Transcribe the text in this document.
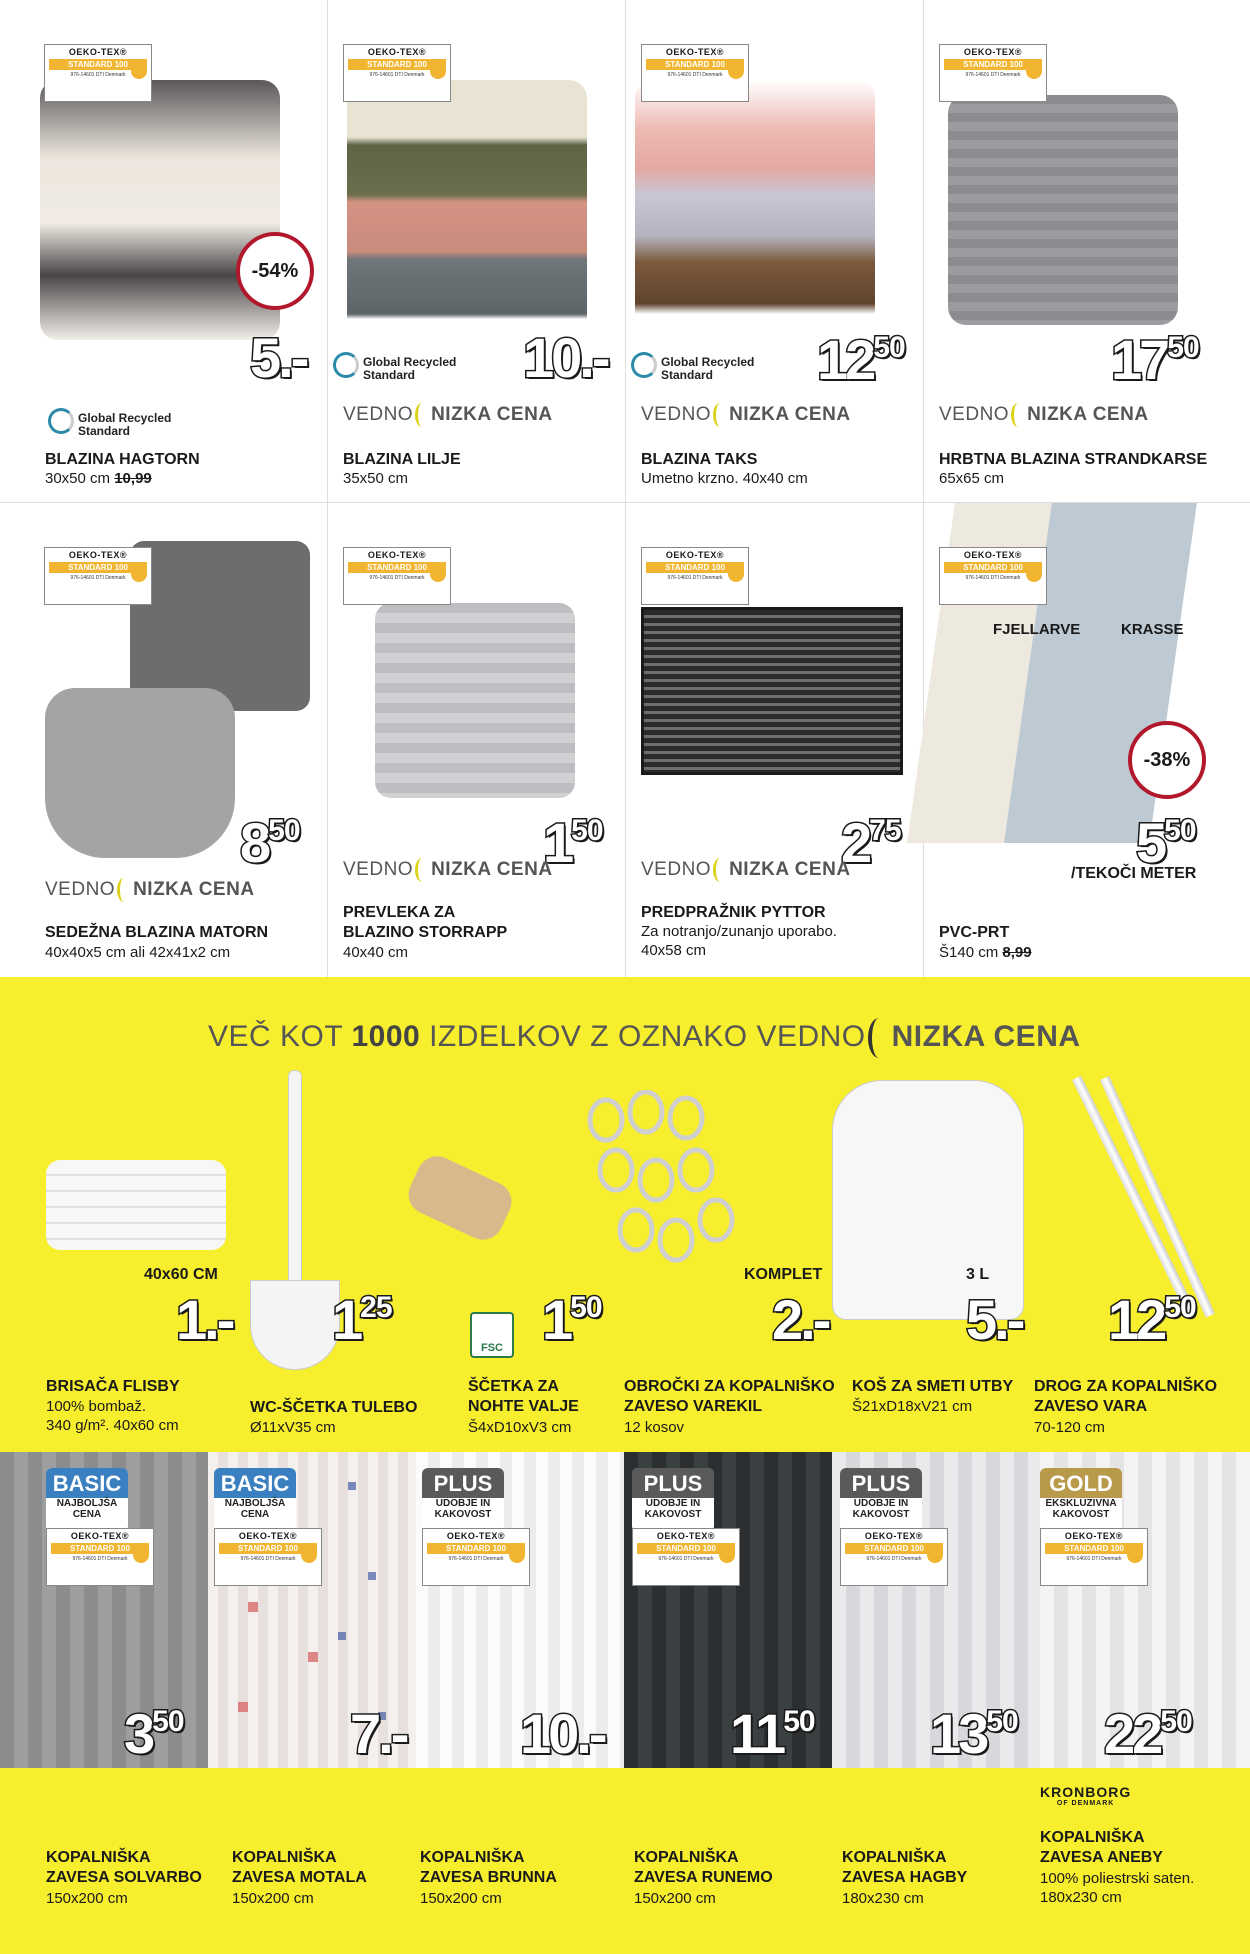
OEKO-TEX®
STANDARD 100
976-14601 DTI Denmark
-54%
5.-
Global Recycled
Standard
BLAZINA HAGTORN
30x50 cm 10,99
OEKO-TEX®
STANDARD 100
976-14601 DTI Denmark
Global Recycled
Standard	10.-
VEDNO NIZKA CENA
BLAZINA LILJE
35x50 cm
OEKO-TEX®
STANDARD 100
976-14601 DTI Denmark
Global Recycled
Standard	$12^{50}$
VEDNO NIZKA CENA
BLAZINA TAKS
Umetno krzno. 40x40 cm
OEKO-TEX®
STANDARD 100
976-14601 DTI Denmark
$17^{50}$
VEDNO NIZKA CENA
HRBTNA BLAZINA STRANDKARSE
65x65 cm
OEKO-TEX®
STANDARD 100
976-14601 DTI Denmark
$8^{50}$
VEDNO NIZKA CENA
SEDEŽNA BLAZINA MATORN
40x40x5 cm ali 42x41x2 cm
OEKO-TEX®
STANDARD 100
976-14601 DTI Denmark
$1^{50}$
VEDNO NIZKA CENA
PREVLEKA ZA
BLAZINO STORRAPP
40x40 cm
OEKO-TEX®
STANDARD 100
976-14601 DTI Denmark
$2^{75}$
VEDNO NIZKA CENA
PREDPRAŽNIK PYTTOR
Za notranjo/zunanjo uporabo.
40x58 cm
OEKO-TEX®
STANDARD 100
976-14601 DTI Denmark
FJELLARVE	KRASSE
-38%
$5^{50}$
/TEKOČI METER
PVC-PRT
Š140 cm 8,99
VEČ KOT 1000 IZDELKOV Z OZNAKO VEDNO NIZKA CENA
40x60 CM
1.-
BRISAČA FLISBY
100% bombaž.
340 g/m². 40x60 cm
$1^{25}$
WC-ŠČETKA TULEBO
Ø11xV35 cm
FSC $1^{50}$
ŠČETKA ZA
NOHTE VALJE
Š4xD10xV3 cm
KOMPLET
2.-
OBROČKI ZA KOPALNIŠKO
ZAVESO VAREKIL
12 kosov
3 L
5.-
KOŠ ZA SMETI UTBY
Š21xD18xV21 cm
$12^{50}$
DROG ZA KOPALNIŠKO
ZAVESO VARA
70-120 cm
BASIC
NAJBOLJŠA
CENA
BASIC
NAJBOLJŠA
CENA
PLUS
UDOBJE IN
KAKOVOST
PLUS
UDOBJE IN
KAKOVOST
PLUS
UDOBJE IN
KAKOVOST
GOLD
EKSKLUZIVNA
KAKOVOST
OEKO-TEX®
STANDARD 100
976-14601 DTI Denmark
OEKO-TEX®
STANDARD 100
976-14601 DTI Denmark
OEKO-TEX®
STANDARD 100
976-14601 DTI Denmark
OEKO-TEX®
STANDARD 100
976-14601 DTI Denmark
OEKO-TEX®
STANDARD 100
976-14601 DTI Denmark
OEKO-TEX®
STANDARD 100
976-14601 DTI Denmark
$3^{50}$	7.- 10.- $11^{50}$ $13^{50}$ $22^{50}$
KRONBORG
OF DENMARK
KOPALNIŠKA
ZAVESA SOLVARBO
150x200 cm
KOPALNIŠKA
ZAVESA MOTALA
150x200 cm
KOPALNIŠKA
ZAVESA BRUNNA
150x200 cm
KOPALNIŠKA
ZAVESA RUNEMO
150x200 cm
KOPALNIŠKA
ZAVESA HAGBY
180x230 cm
KOPALNIŠKA
ZAVESA ANEBY
100% poliestrski saten.
180x230 cm
